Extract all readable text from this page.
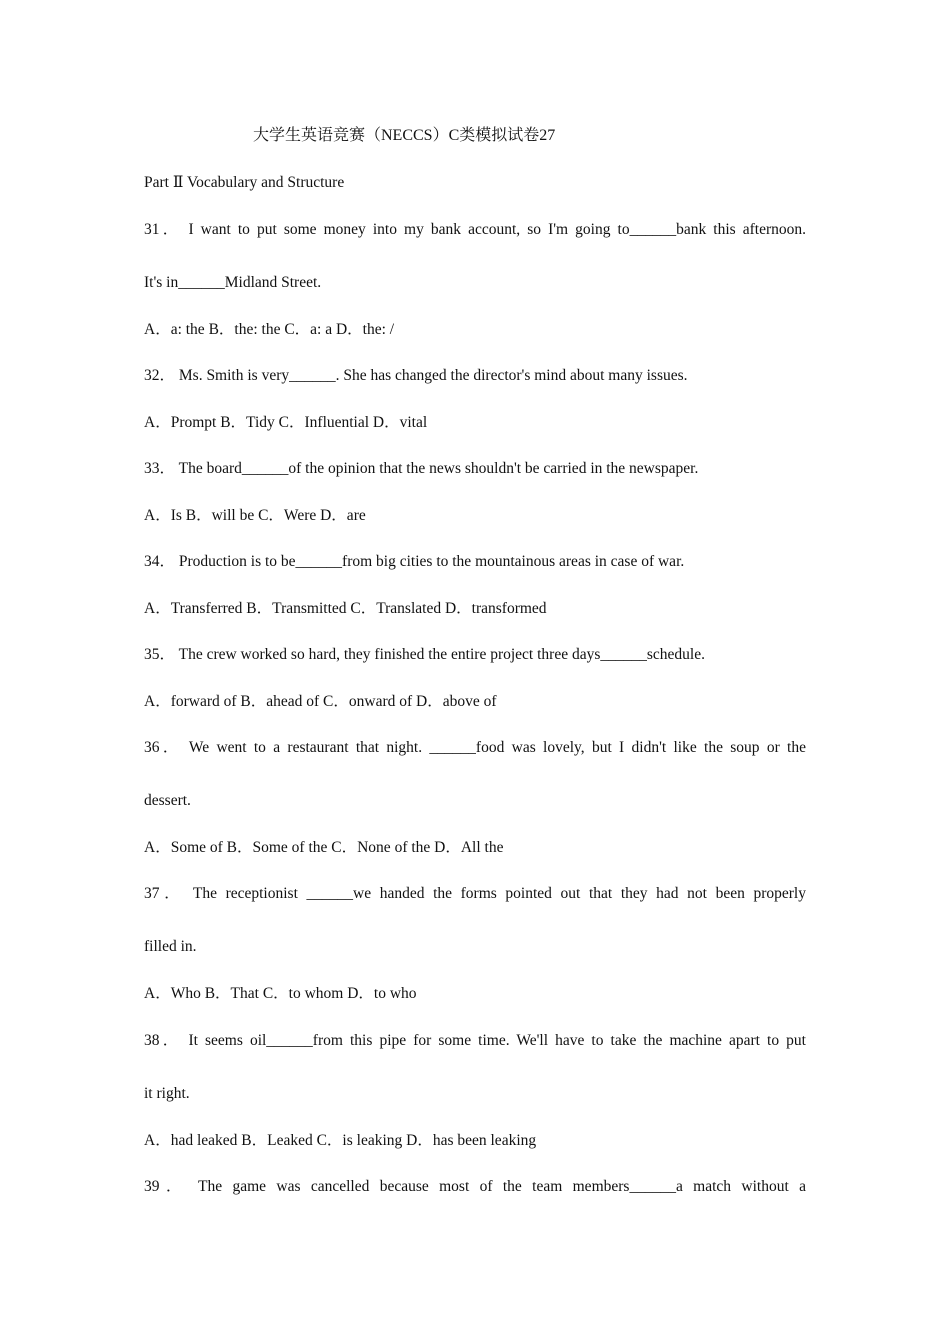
大学生英语竞赛（NECCS）C类模拟试卷27
Part Ⅱ Vocabulary and Structure
31． I want to put some money into my bank account, so I'm going to______bank this afternoon.
It's in______Midland Street.
A．a: the B．the: the C．a: a D．the: /
32． Ms. Smith is very______. She has changed the director's mind about many issues.
A．Prompt B．Tidy C．Influential D．vital
33． The board______of the opinion that the news shouldn't be carried in the newspaper.
A．Is B．will be C．Were D．are
34． Production is to be______from big cities to the mountainous areas in case of war.
A．Transferred B．Transmitted C．Translated D．transformed
35． The crew worked so hard, they finished the entire project three days______schedule.
A．forward of B．ahead of C．onward of D．above of
36． We went to a restaurant that night. ______food was lovely, but I didn't like the soup or the
dessert.
A．Some of B．Some of the C．None of the D．All the
37． The receptionist ______we handed the forms pointed out that they had not been properly
filled in.
A．Who B．That C．to whom D．to who
38． It seems oil______from this pipe for some time. We'll have to take the machine apart to put
it right.
A．had leaked B．Leaked C．is leaking D．has been leaking
39． The game was cancelled because most of the team members______a match without a
